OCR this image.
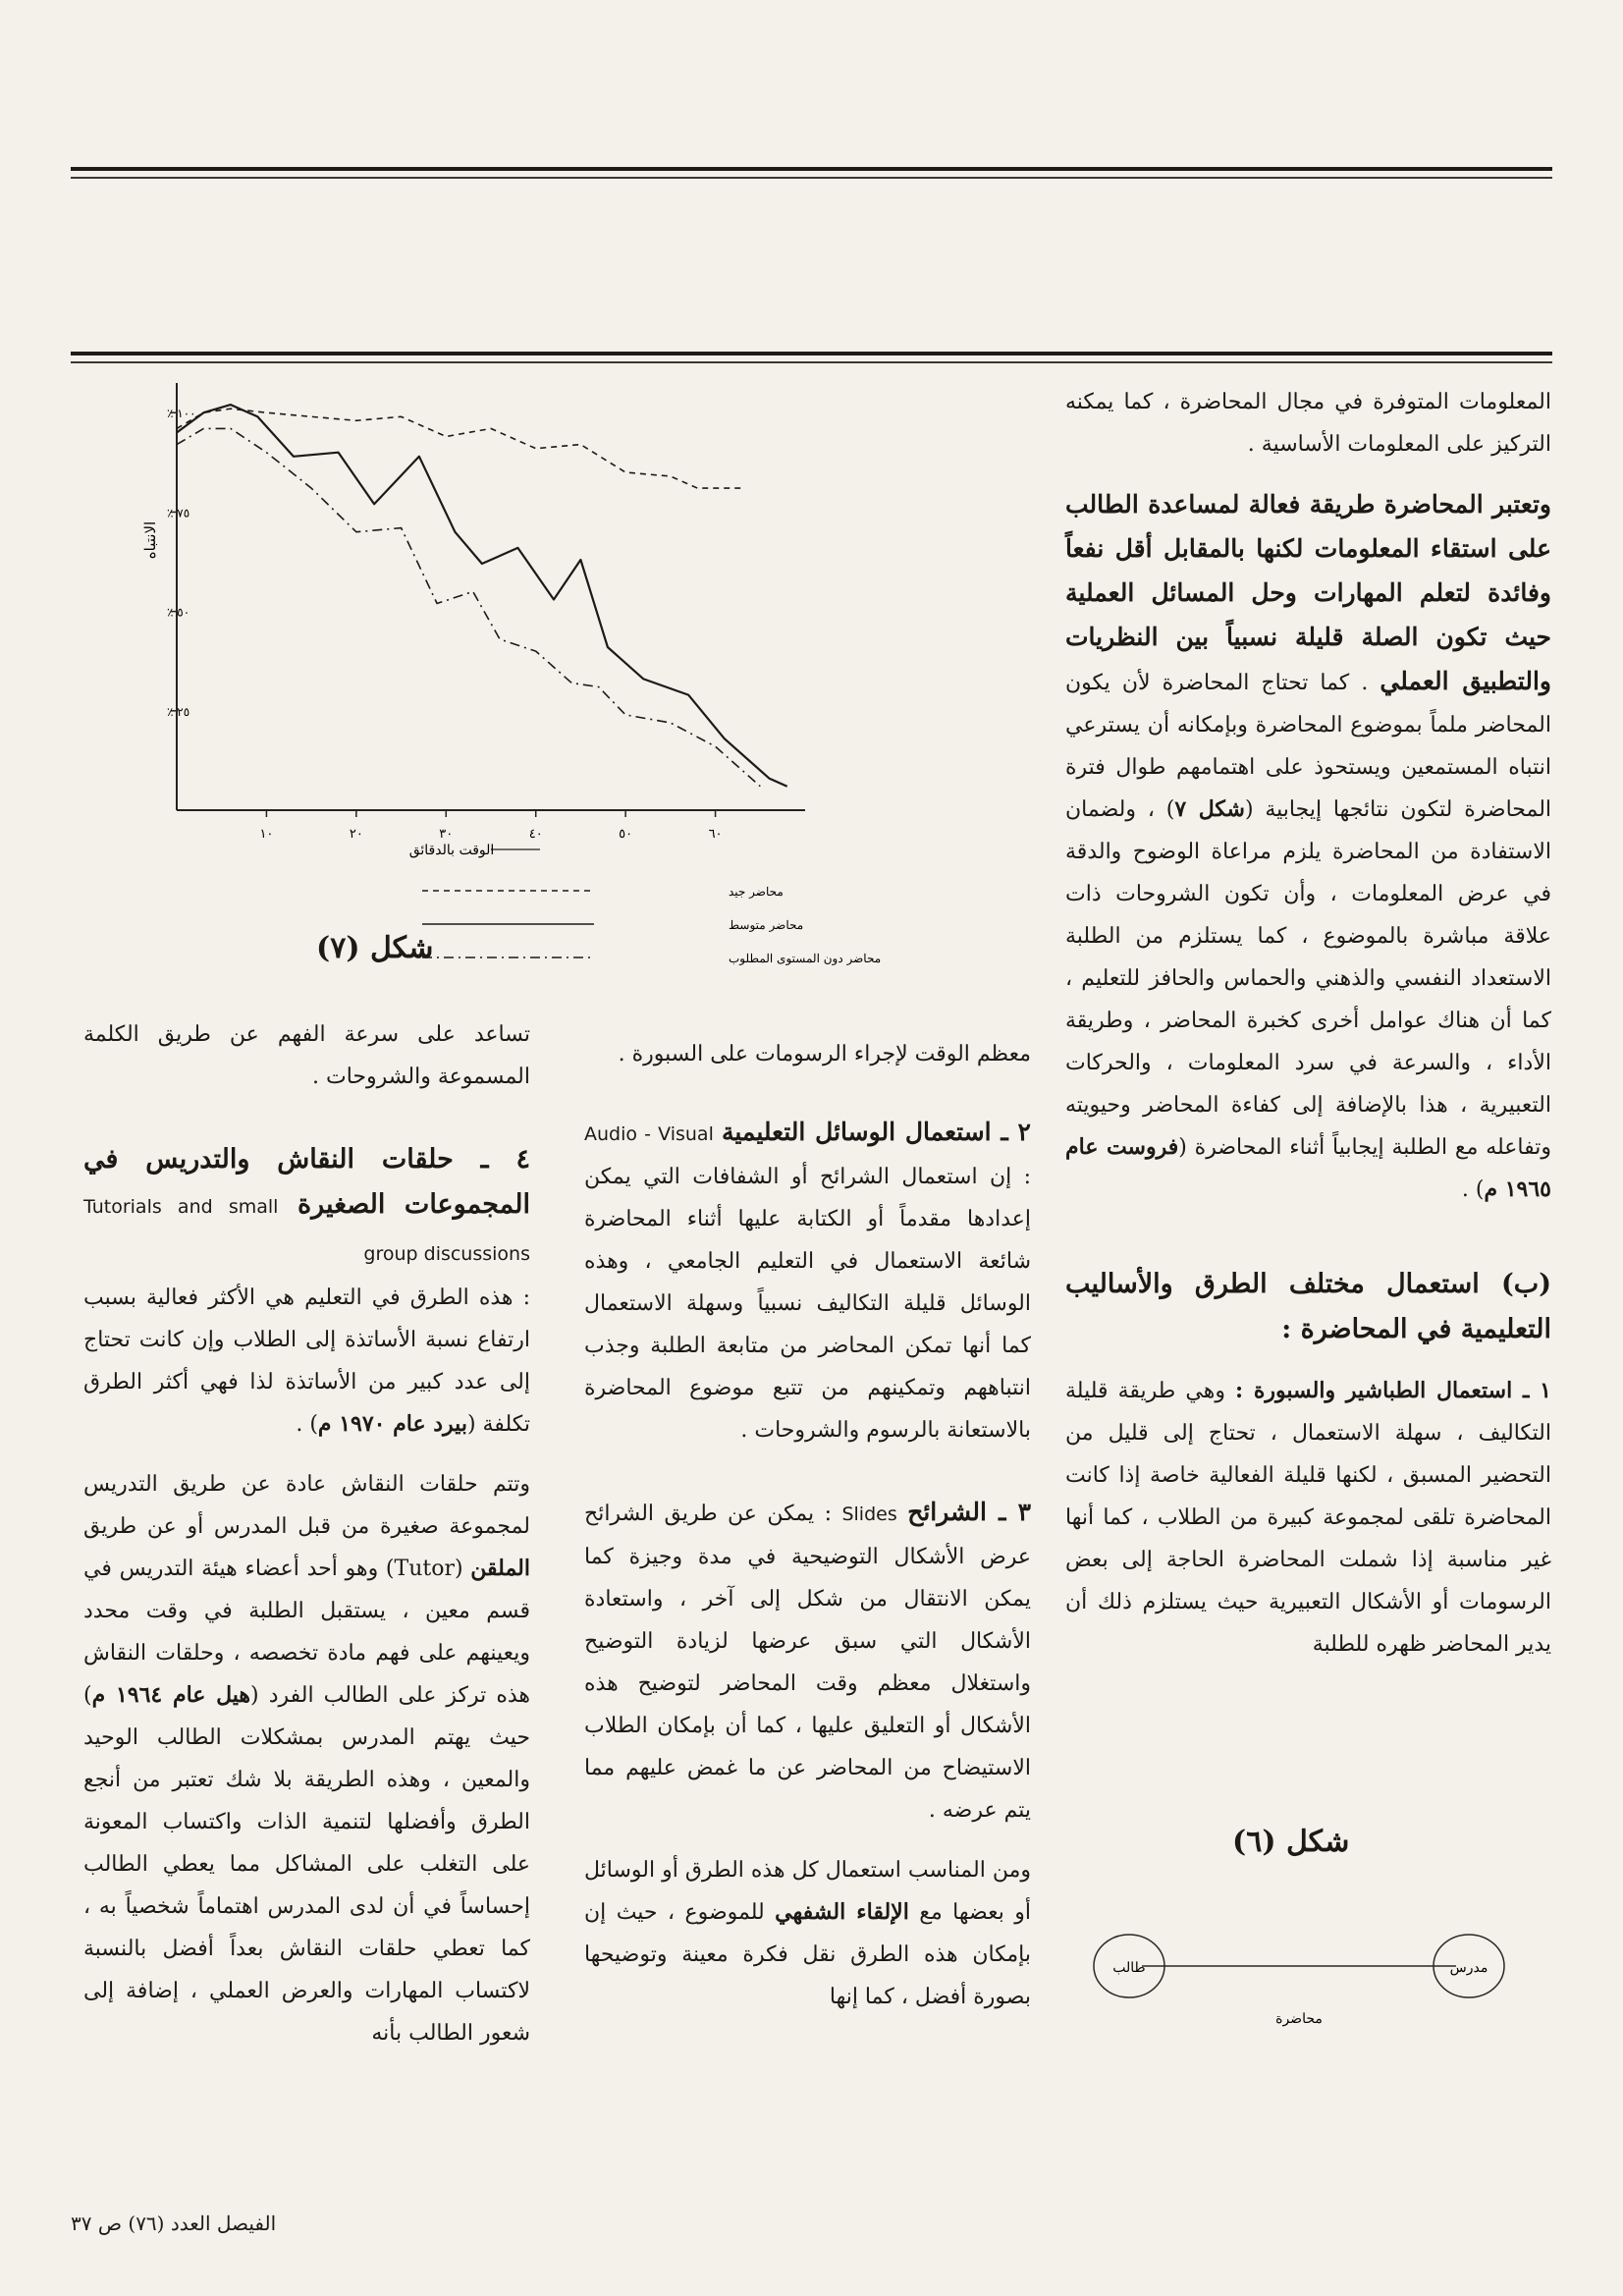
المعلومات المتوفرة في مجال المحاضرة ، كما يمكنه التركيز على المعلومات الأساسية .

وتعتبر المحاضرة طريقة فعالة لمساعدة الطالب على استقاء المعلومات لكنها بالمقابل أقل نفعاً وفائدة لتعلم المهارات وحل المسائل العملية حيث تكون الصلة قليلة نسبياً بين النظريات والتطبيق العملي . كما تحتاج المحاضرة لأن يكون المحاضر ملماً بموضوع المحاضرة وبإمكانه أن يسترعي انتباه المستمعين ويستحوذ على اهتمامهم طوال فترة المحاضرة لتكون نتائجها إيجابية (شكل ٧) ، ولضمان الاستفادة من المحاضرة يلزم مراعاة الوضوح والدقة في عرض المعلومات ، وأن تكون الشروحات ذات علاقة مباشرة بالموضوع ، كما يستلزم من الطلبة الاستعداد النفسي والذهني والحماس والحافز للتعليم ، كما أن هناك عوامل أخرى كخبرة المحاضر ، وطريقة الأداء ، والسرعة في سرد المعلومات ، والحركات التعبيرية ، هذا بالإضافة إلى كفاءة المحاضر وحيويته وتفاعله مع الطلبة إيجابياً أثناء المحاضرة (فروست عام ١٩٦٥ م) .

(ب) استعمال مختلف الطرق والأساليب التعليمية في المحاضرة :

١ ـ استعمال الطباشير والسبورة : وهي طريقة قليلة التكاليف ، سهلة الاستعمال ، تحتاج إلى قليل من التحضير المسبق ، لكنها قليلة الفعالية خاصة إذا كانت المحاضرة تلقى لمجموعة كبيرة من الطلاب ، كما أنها غير مناسبة إذا شملت المحاضرة الحاجة إلى بعض الرسومات أو الأشكال التعبيرية حيث يستلزم ذلك أن يدير المحاضر ظهره للطلبة

شكل (٦)
طالب	مدرس
محاضرة

معظم الوقت لإجراء الرسومات على السبورة .

٢ ـ استعمال الوسائل التعليمية Audio - Visual : إن استعمال الشرائح أو الشفافات التي يمكن إعدادها مقدماً أو الكتابة عليها أثناء المحاضرة شائعة الاستعمال في التعليم الجامعي ، وهذه الوسائل قليلة التكاليف نسبياً وسهلة الاستعمال كما أنها تمكن المحاضر من متابعة الطلبة وجذب انتباههم وتمكينهم من تتبع موضوع المحاضرة بالاستعانة بالرسوم والشروحات .

٣ ـ الشرائح Slides : يمكن عن طريق الشرائح عرض الأشكال التوضيحية في مدة وجيزة كما يمكن الانتقال من شكل إلى آخر ، واستعادة الأشكال التي سبق عرضها لزيادة التوضيح واستغلال معظم وقت المحاضر لتوضيح هذه الأشكال أو التعليق عليها ، كما أن بإمكان الطلاب الاستيضاح من المحاضر عن ما غمض عليهم مما يتم عرضه .

ومن المناسب استعمال كل هذه الطرق أو الوسائل أو بعضها مع الإلقاء الشفهي للموضوع ، حيث إن بإمكان هذه الطرق نقل فكرة معينة وتوضيحها بصورة أفضل ، كما إنها

تساعد على سرعة الفهم عن طريق الكلمة المسموعة والشروحات .

٤ ـ حلقات النقاش والتدريس في المجموعات الصغيرة Tutorials and small group discussions

: هذه الطرق في التعليم هي الأكثر فعالية بسبب ارتفاع نسبة الأساتذة إلى الطلاب وإن كانت تحتاج إلى عدد كبير من الأساتذة لذا فهي أكثر الطرق تكلفة (بيرد عام ١٩٧٠ م) .

وتتم حلقات النقاش عادة عن طريق التدريس لمجموعة صغيرة من قبل المدرس أو عن طريق الملقن (Tutor) وهو أحد أعضاء هيئة التدريس في قسم معين ، يستقبل الطلبة في وقت محدد ويعينهم على فهم مادة تخصصه ، وحلقات النقاش هذه تركز على الطالب الفرد (هيل عام ١٩٦٤ م) حيث يهتم المدرس بمشكلات الطالب الوحيد والمعين ، وهذه الطريقة بلا شك تعتبر من أنجع الطرق وأفضلها لتنمية الذات واكتساب المعونة على التغلب على المشاكل مما يعطي الطالب إحساساً في أن لدى المدرس اهتماماً شخصياً به ، كما تعطي حلقات النقاش بعداً أفضل بالنسبة لاكتساب المهارات والعرض العملي ، إضافة إلى شعور الطالب بأنه

١٠	٢٠	٣٠	٤٠	٥٠	٦٠
٢٥ ٪
٥٠ ٪
٧٥ ٪
١٠٠ ٪
الوقت بالدقائق
الانتباه
محاضر جيد
محاضر متوسط
محاضر دون المستوى المطلوب
شكل (٧)
الفيصل العدد (٧٦) ص ٣٧
